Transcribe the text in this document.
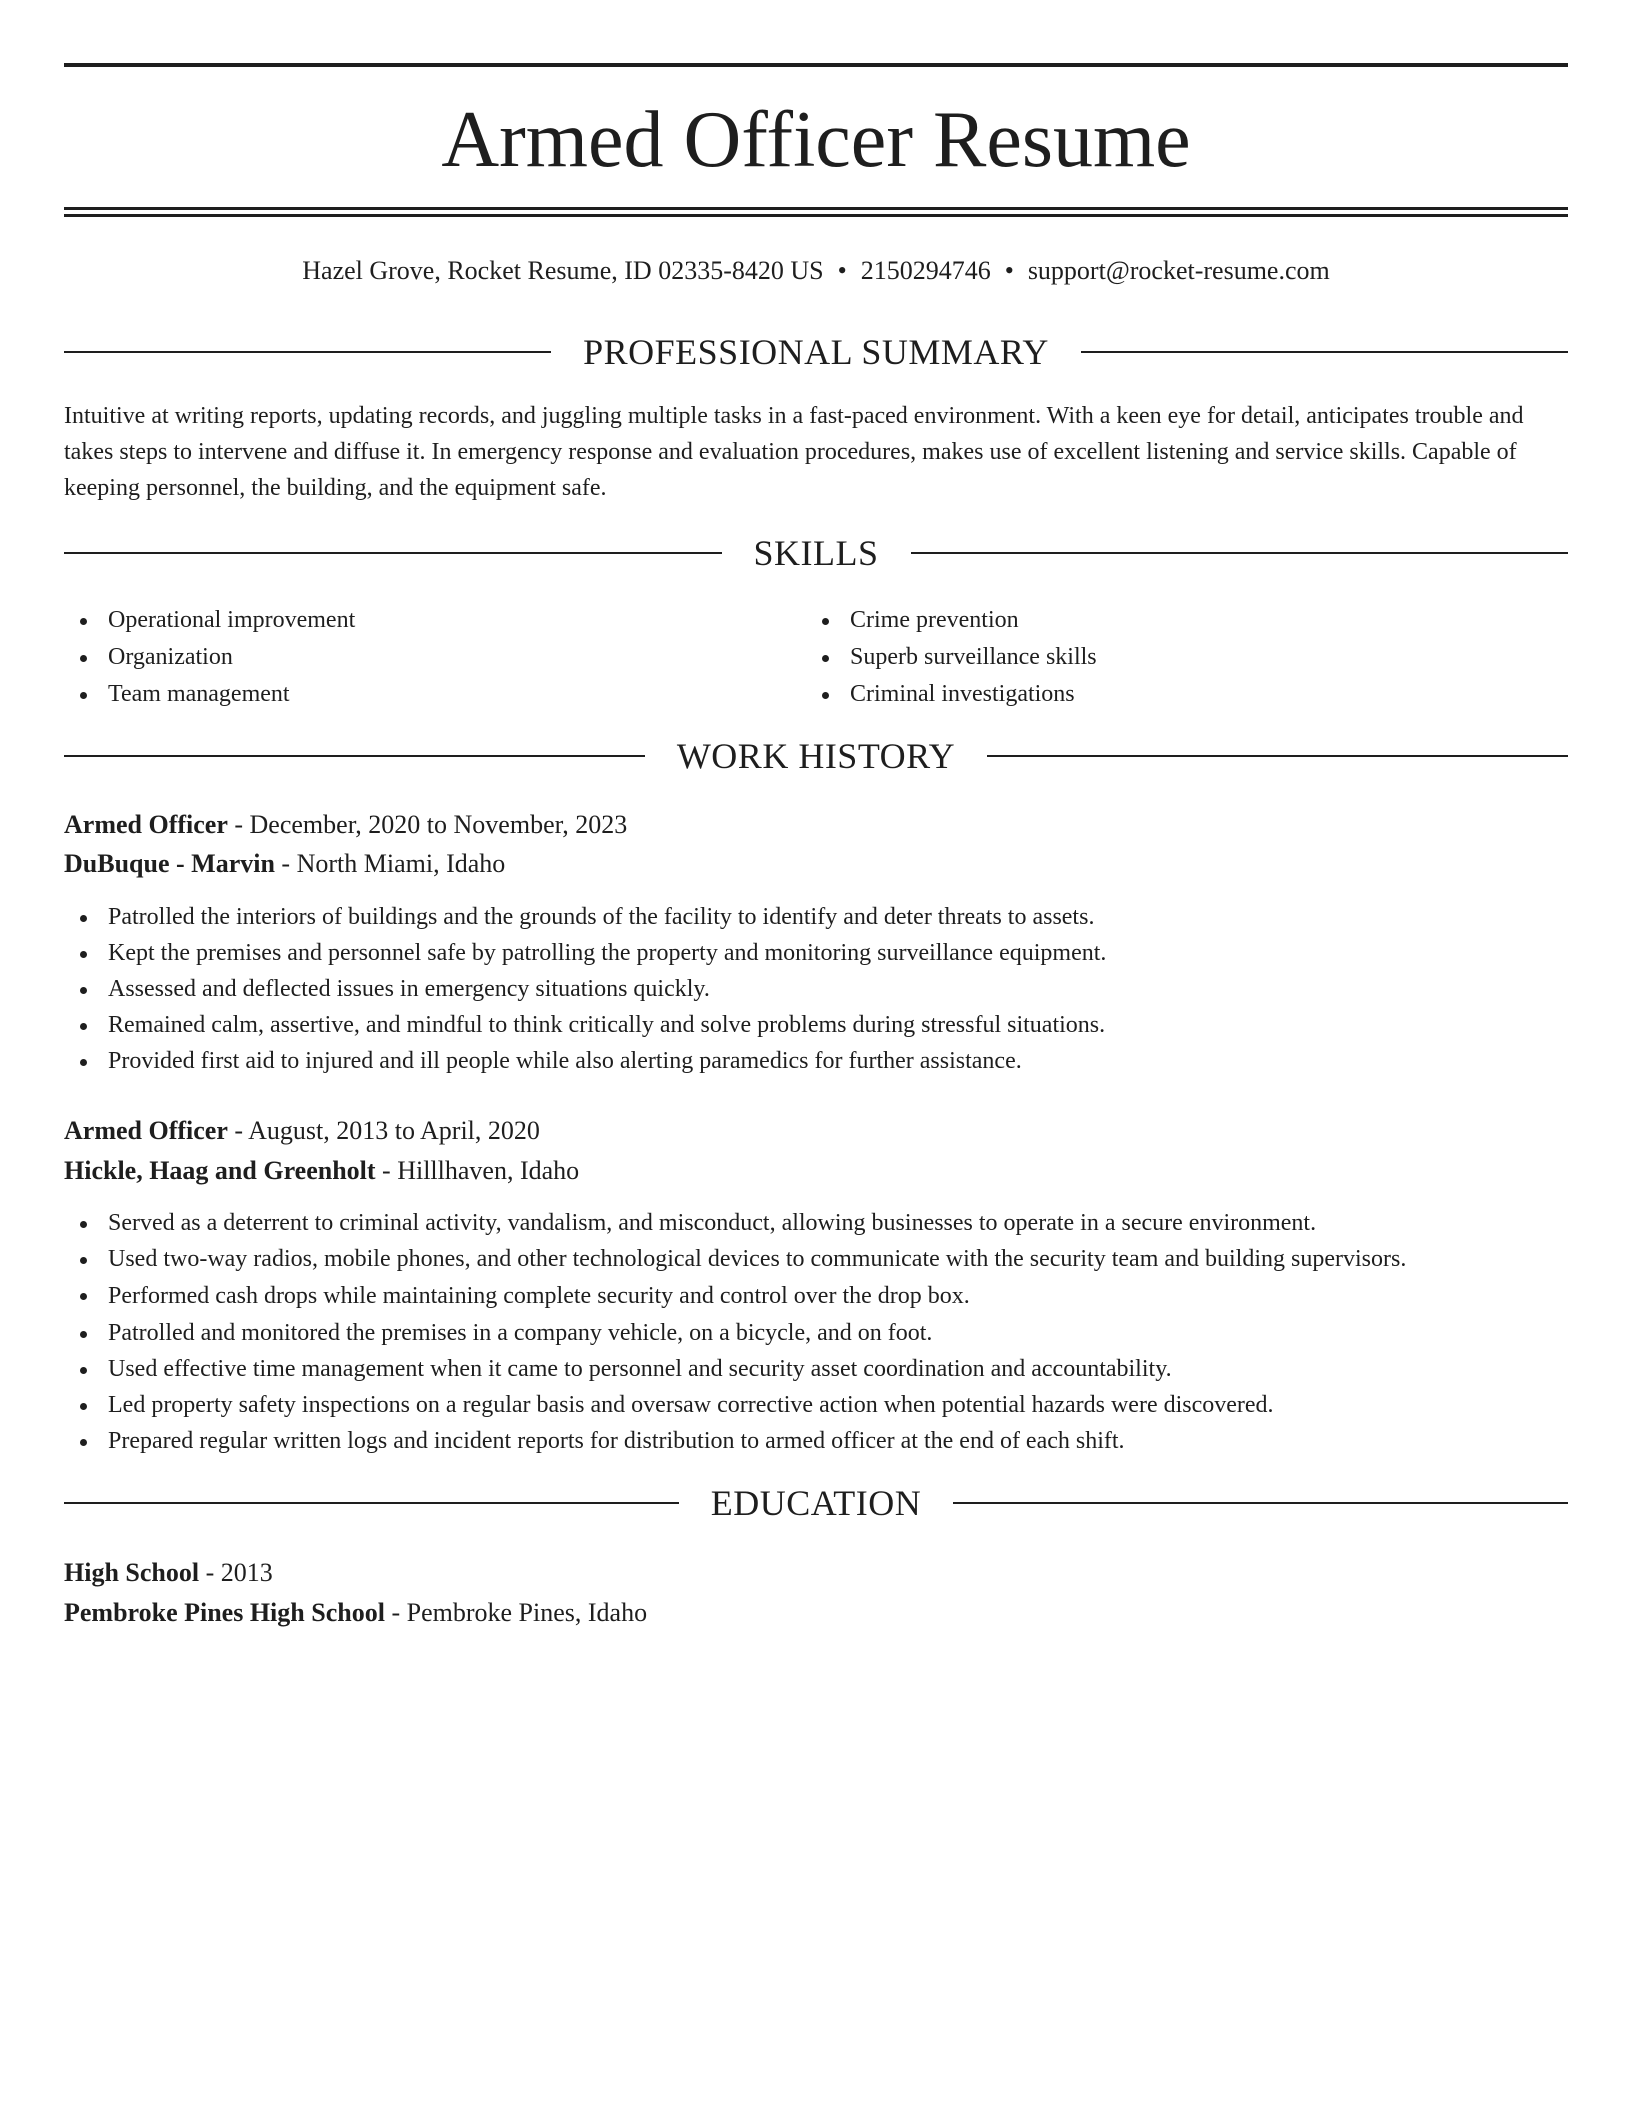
Armed Officer Resume
Hazel Grove, Rocket Resume, ID 02335-8420 US • 2150294746 • support@rocket-resume.com
PROFESSIONAL SUMMARY

Intuitive at writing reports, updating records, and juggling multiple tasks in a fast-paced environment. With a keen eye for detail, anticipates trouble and takes steps to intervene and diffuse it. In emergency response and evaluation procedures, makes use of excellent listening and service skills. Capable of keeping personnel, the building, and the equipment safe.

SKILLS
Operational improvement
Organization
Team management
Crime prevention
Superb surveillance skills
Criminal investigations
WORK HISTORY
Armed Officer - December, 2020 to November, 2023
DuBuque - Marvin - North Miami, Idaho
Patrolled the interiors of buildings and the grounds of the facility to identify and deter threats to assets.
Kept the premises and personnel safe by patrolling the property and monitoring surveillance equipment.
Assessed and deflected issues in emergency situations quickly.
Remained calm, assertive, and mindful to think critically and solve problems during stressful situations.
Provided first aid to injured and ill people while also alerting paramedics for further assistance.
Armed Officer - August, 2013 to April, 2020
Hickle, Haag and Greenholt - Hilllhaven, Idaho
Served as a deterrent to criminal activity, vandalism, and misconduct, allowing businesses to operate in a secure environment.
Used two-way radios, mobile phones, and other technological devices to communicate with the security team and building supervisors.
Performed cash drops while maintaining complete security and control over the drop box.
Patrolled and monitored the premises in a company vehicle, on a bicycle, and on foot.
Used effective time management when it came to personnel and security asset coordination and accountability.
Led property safety inspections on a regular basis and oversaw corrective action when potential hazards were discovered.
Prepared regular written logs and incident reports for distribution to armed officer at the end of each shift.
EDUCATION
High School - 2013
Pembroke Pines High School - Pembroke Pines, Idaho
